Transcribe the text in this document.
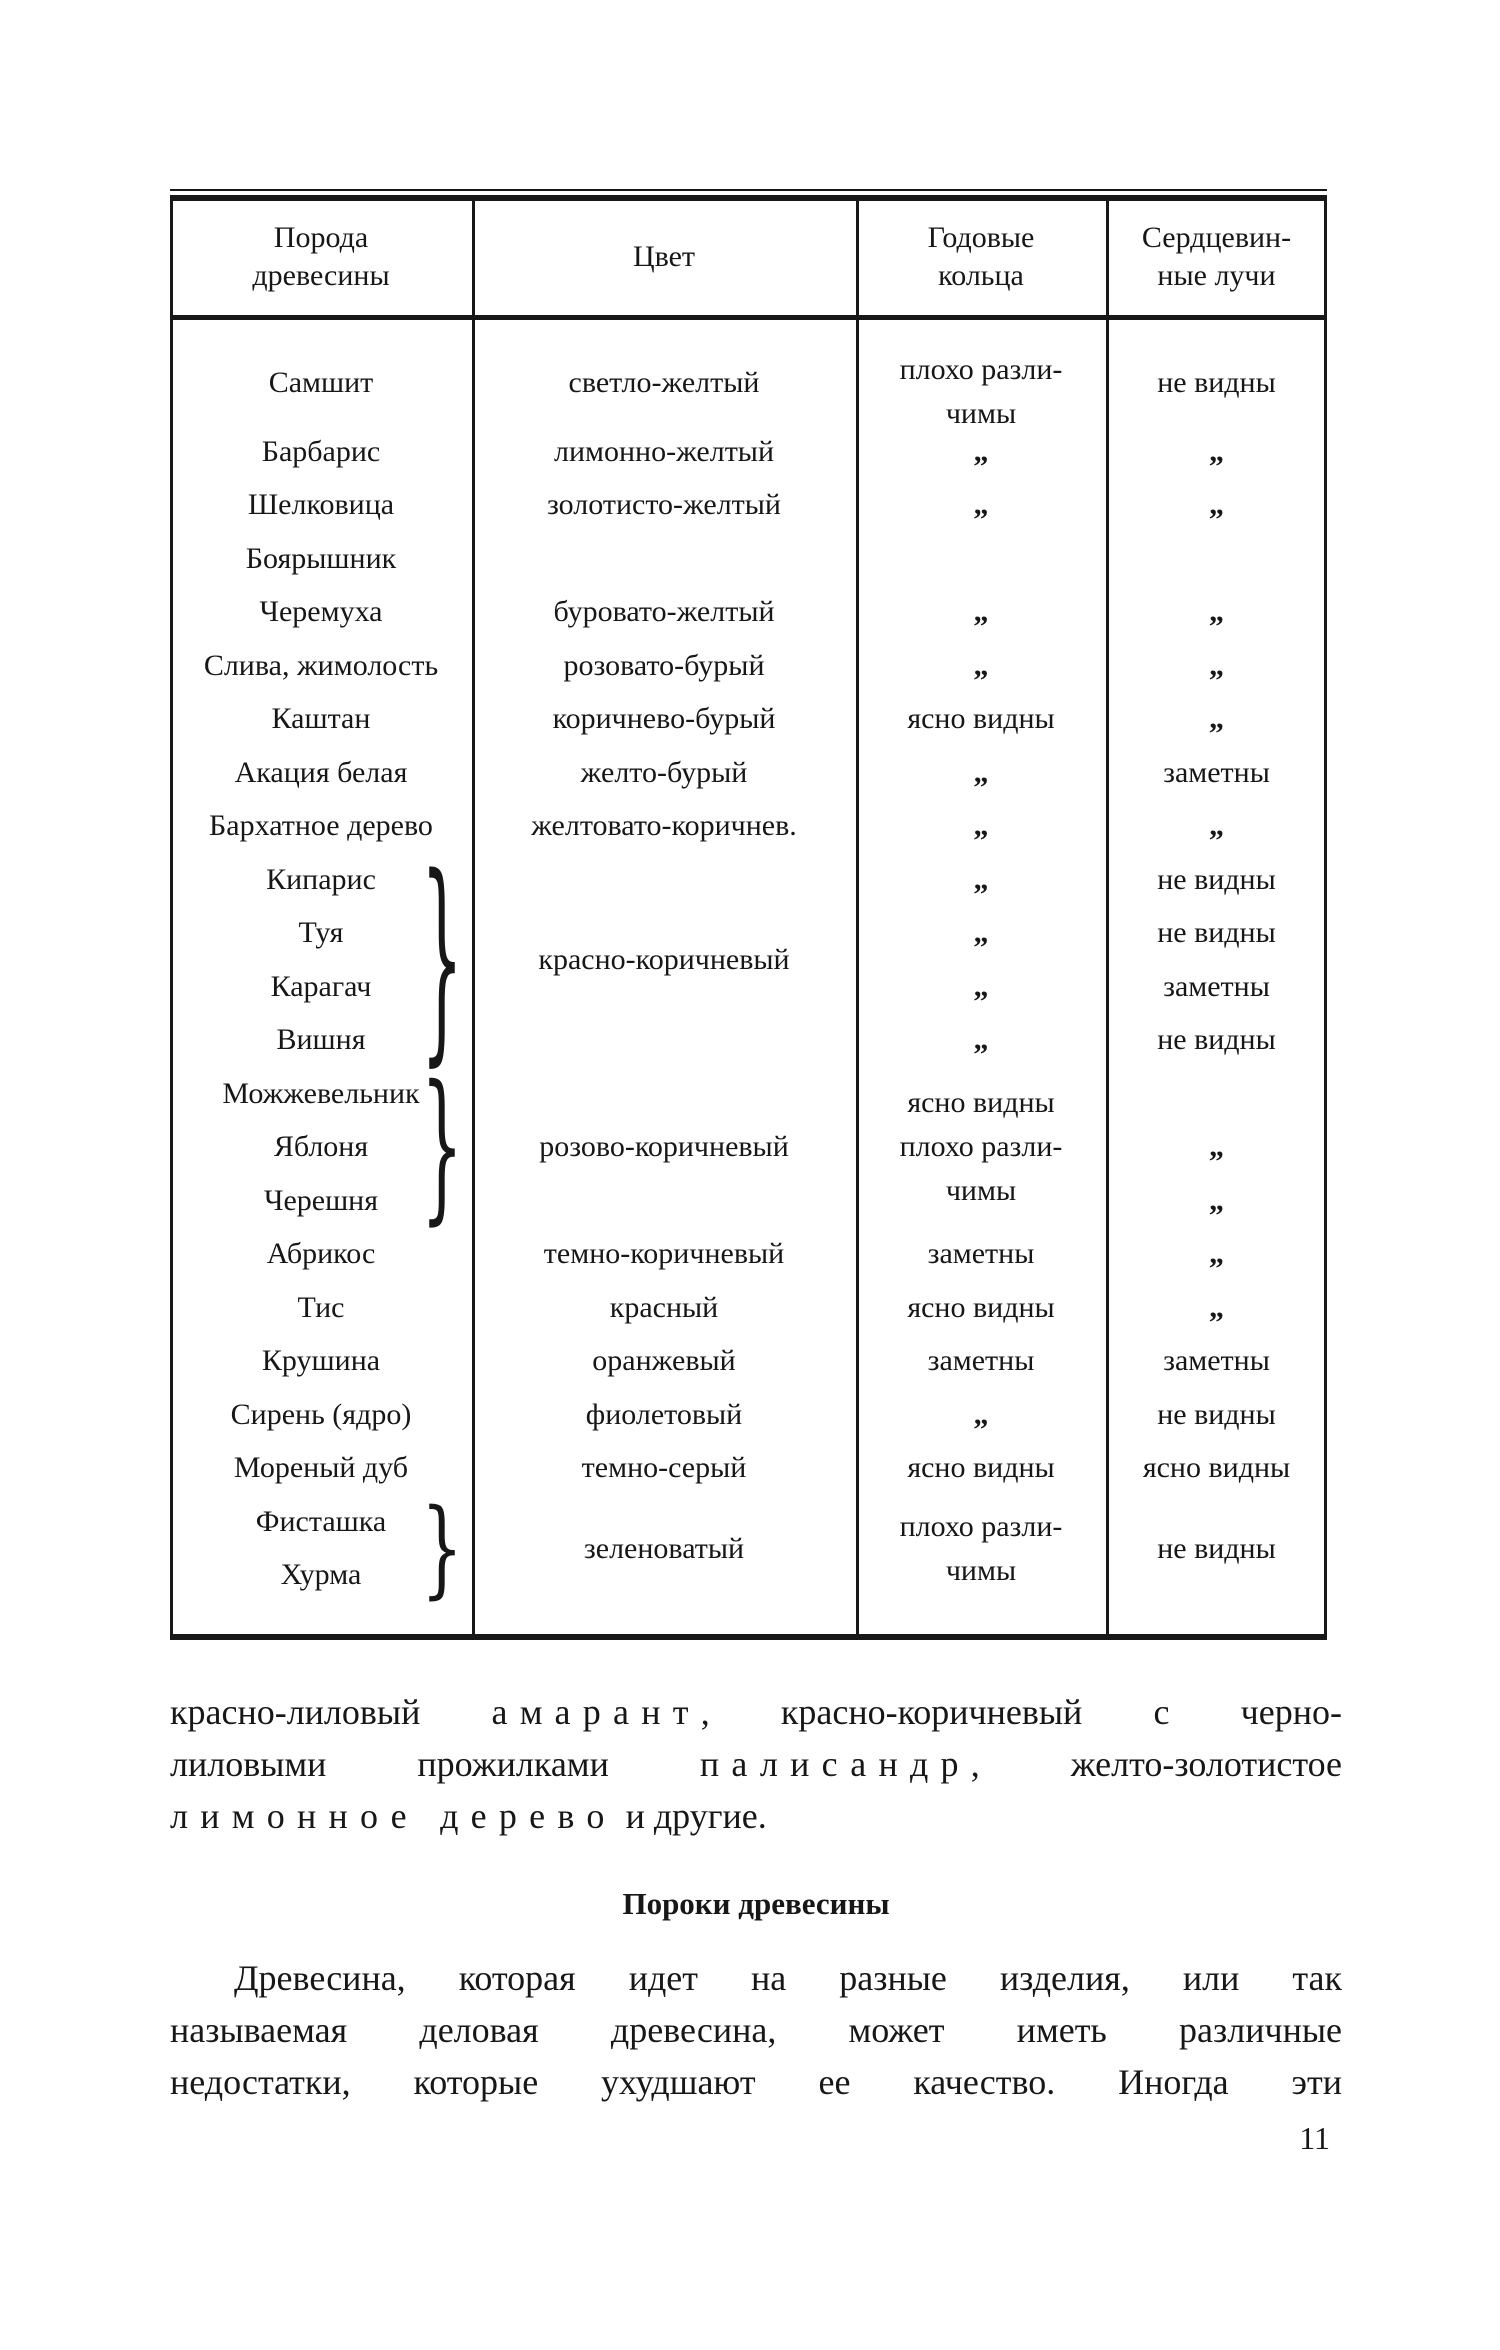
Порода
древесины
Цвет
Годовые
кольца
Сердцевин-
ные лучи
Самшит
Барбарис
Шелковица
Боярышник
Черемуха
Слива, жимолость
Каштан
Акация белая
Бархатное дерево
Кипарис
Туя
Карагач
Вишня
Можжевельник
Яблоня
Черешня
Абрикос
Тис
Крушина
Сирень (ядро)
Мореный дуб
Фисташка
Хурма
светло-желтый
лимонно-желтый
золотисто-желтый
буровато-желтый
розовато-бурый
коричнево-бурый
желто-бурый
желтовато-коричнев.
красно-коричневый
розово-коричневый
темно-коричневый
красный
оранжевый
фиолетовый
темно-серый
зеленоватый
плохо разли-
чимы
„
„
„
„
ясно видны
„
„
„
„
„
„
ясно видны
плохо разли-
чимы
заметны
ясно видны
заметны
„
ясно видны
плохо разли-
чимы
не видны
„
„
„
„
„
заметны
„
не видны
не видны
заметны
не видны
„
„
„
„
заметны
не видны
ясно видны
не видны
}
}
}
красно-лиловый амарант, красно-коричневый с черно-
лиловыми прожилками палисандр, желто-золотистое
лимонное дерево и другие.
Пороки древесины
Древесина, которая идет на разные изделия, или так
называемая деловая древесина, может иметь различные
недостатки, которые ухудшают ее качество. Иногда эти
11
